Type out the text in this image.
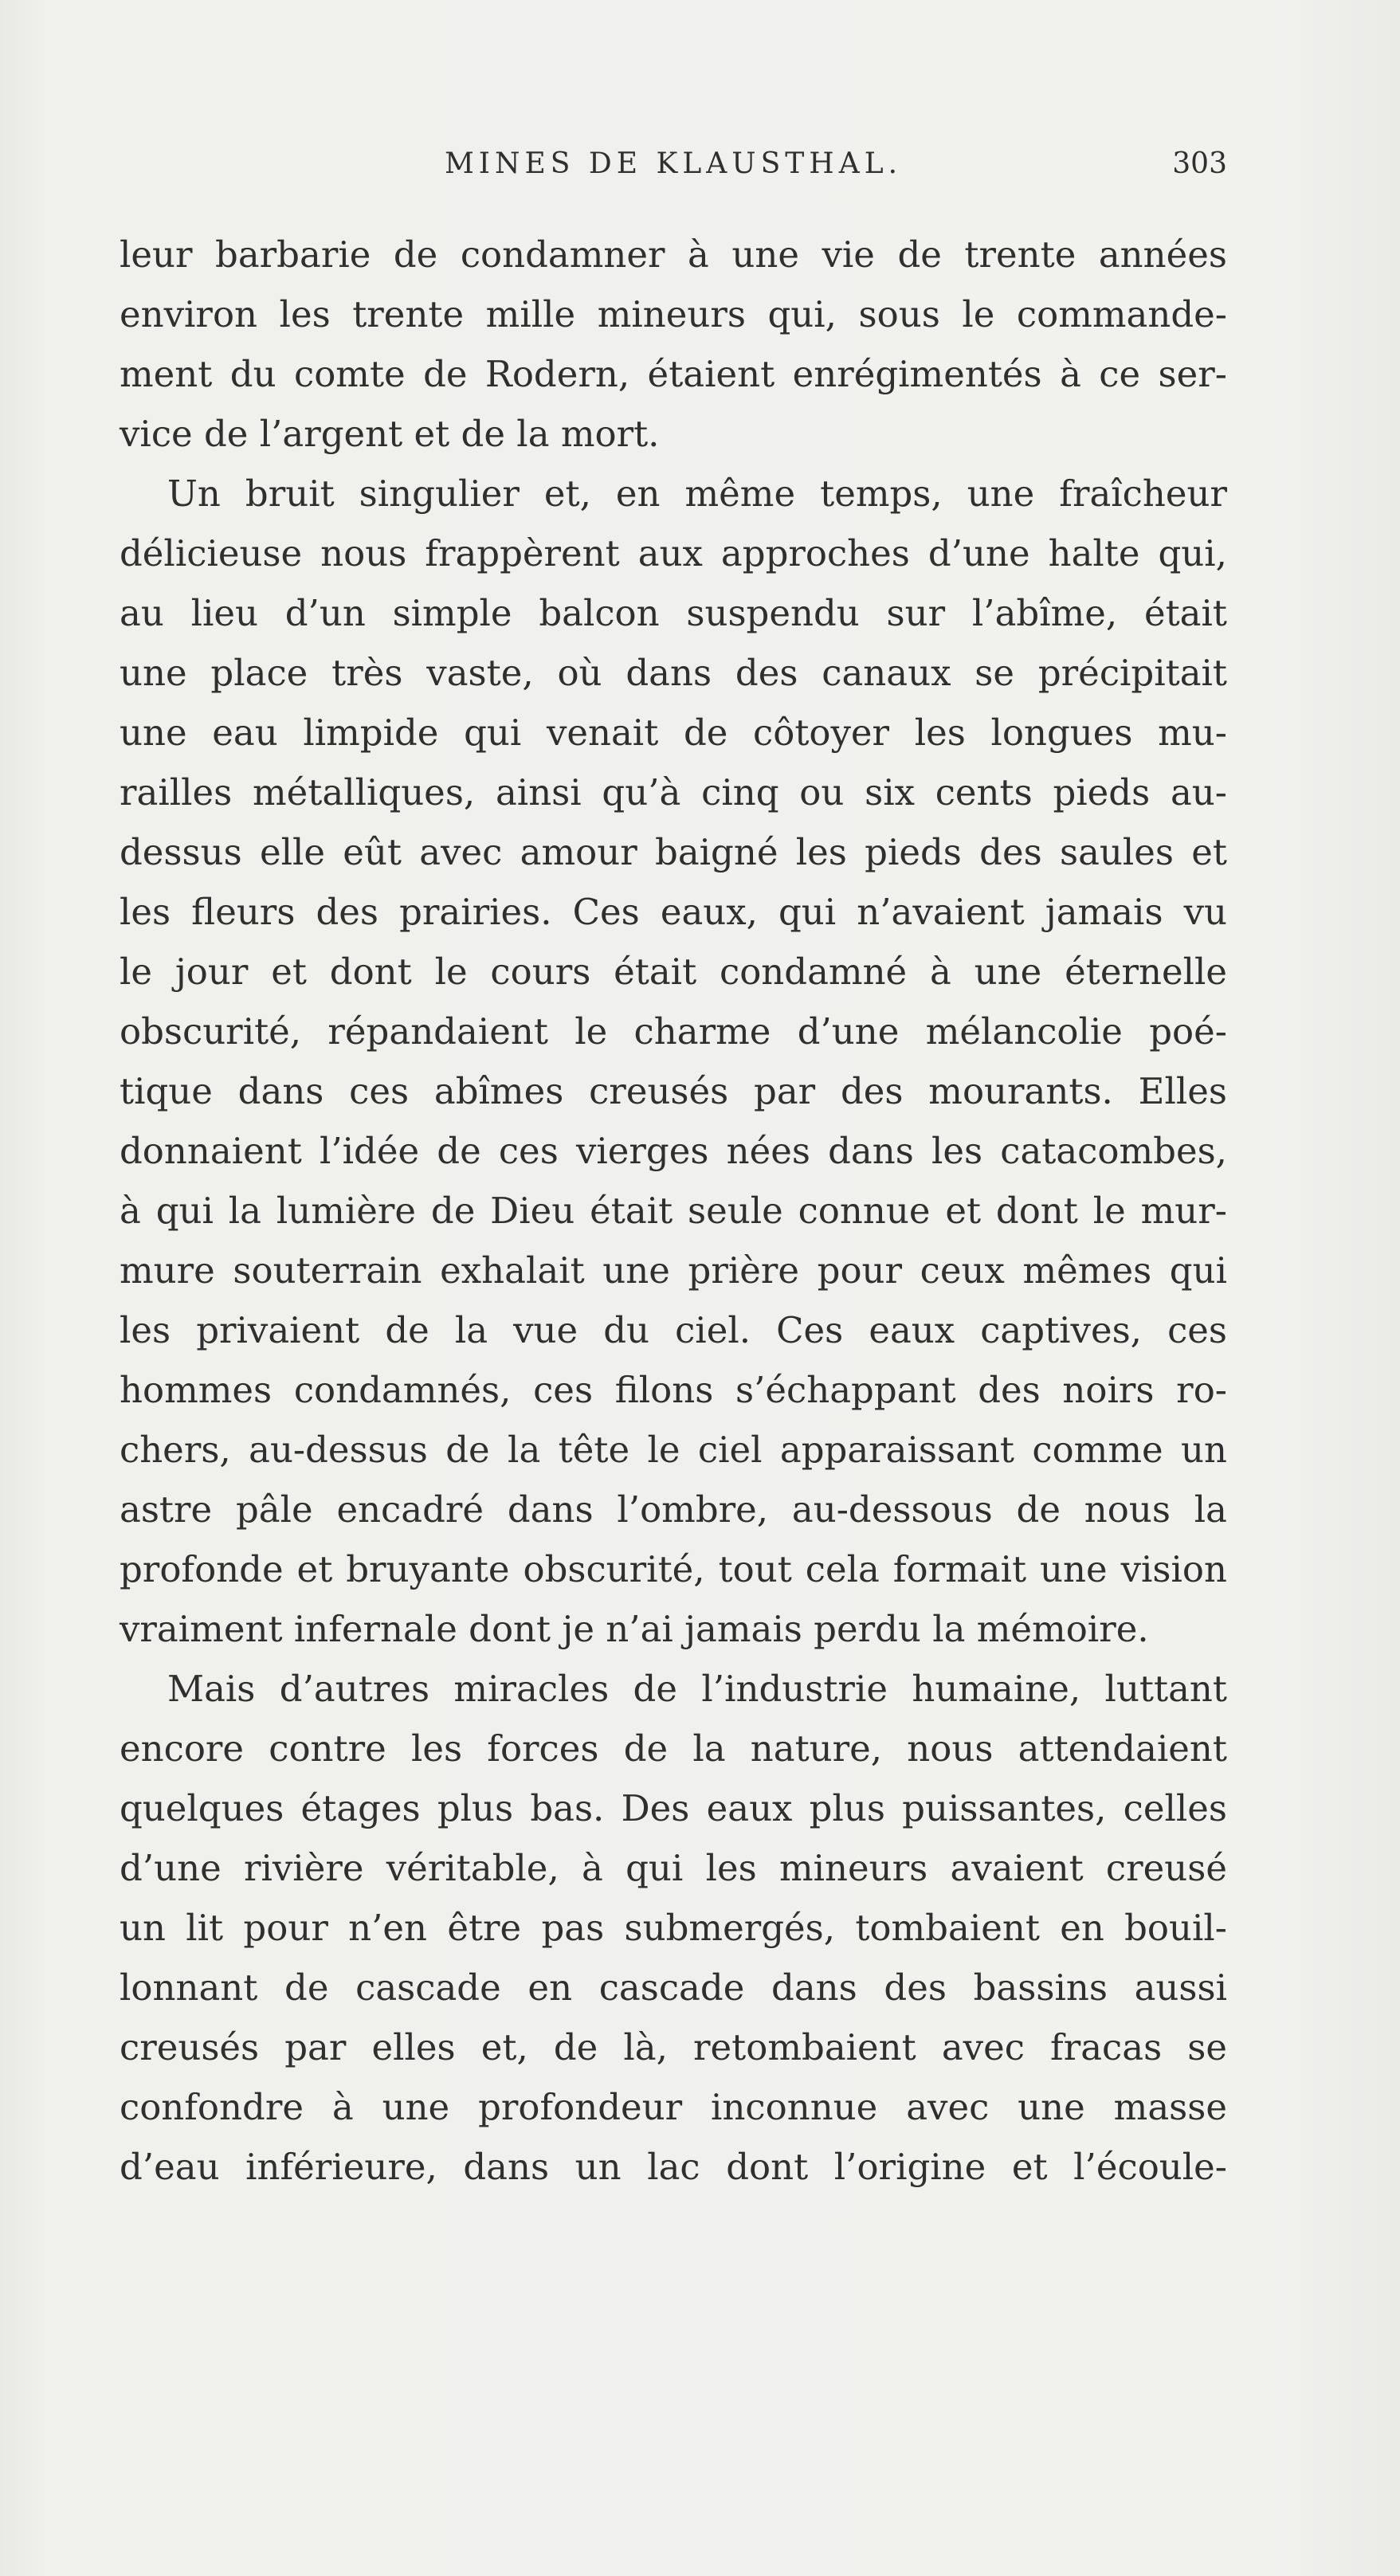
MINES DE KLAUSTHAL.	303
leur barbarie de condamner à une vie de trente années
environ les trente mille mineurs qui, sous le commande-
ment du comte de Rodern, étaient enrégimentés à ce ser-
vice de l’argent et de la mort.
Un bruit singulier et, en même temps, une fraîcheur
délicieuse nous frappèrent aux approches d’une halte qui,
au lieu d’un simple balcon suspendu sur l’abîme, était
une place très vaste, où dans des canaux se précipitait
une eau limpide qui venait de côtoyer les longues mu-
railles métalliques, ainsi qu’à cinq ou six cents pieds au-
dessus elle eût avec amour baigné les pieds des saules et
les fleurs des prairies. Ces eaux, qui n’avaient jamais vu
le jour et dont le cours était condamné à une éternelle
obscurité, répandaient le charme d’une mélancolie poé-
tique dans ces abîmes creusés par des mourants. Elles
donnaient l’idée de ces vierges nées dans les catacombes,
à qui la lumière de Dieu était seule connue et dont le mur-
mure souterrain exhalait une prière pour ceux mêmes qui
les privaient de la vue du ciel. Ces eaux captives, ces
hommes condamnés, ces filons s’échappant des noirs ro-
chers, au-dessus de la tête le ciel apparaissant comme un
astre pâle encadré dans l’ombre, au-dessous de nous la
profonde et bruyante obscurité, tout cela formait une vision
vraiment infernale dont je n’ai jamais perdu la mémoire.
Mais d’autres miracles de l’industrie humaine, luttant
encore contre les forces de la nature, nous attendaient
quelques étages plus bas. Des eaux plus puissantes, celles
d’une rivière véritable, à qui les mineurs avaient creusé
un lit pour n’en être pas submergés, tombaient en bouil-
lonnant de cascade en cascade dans des bassins aussi
creusés par elles et, de là, retombaient avec fracas se
confondre à une profondeur inconnue avec une masse
d’eau inférieure, dans un lac dont l’origine et l’écoule-
